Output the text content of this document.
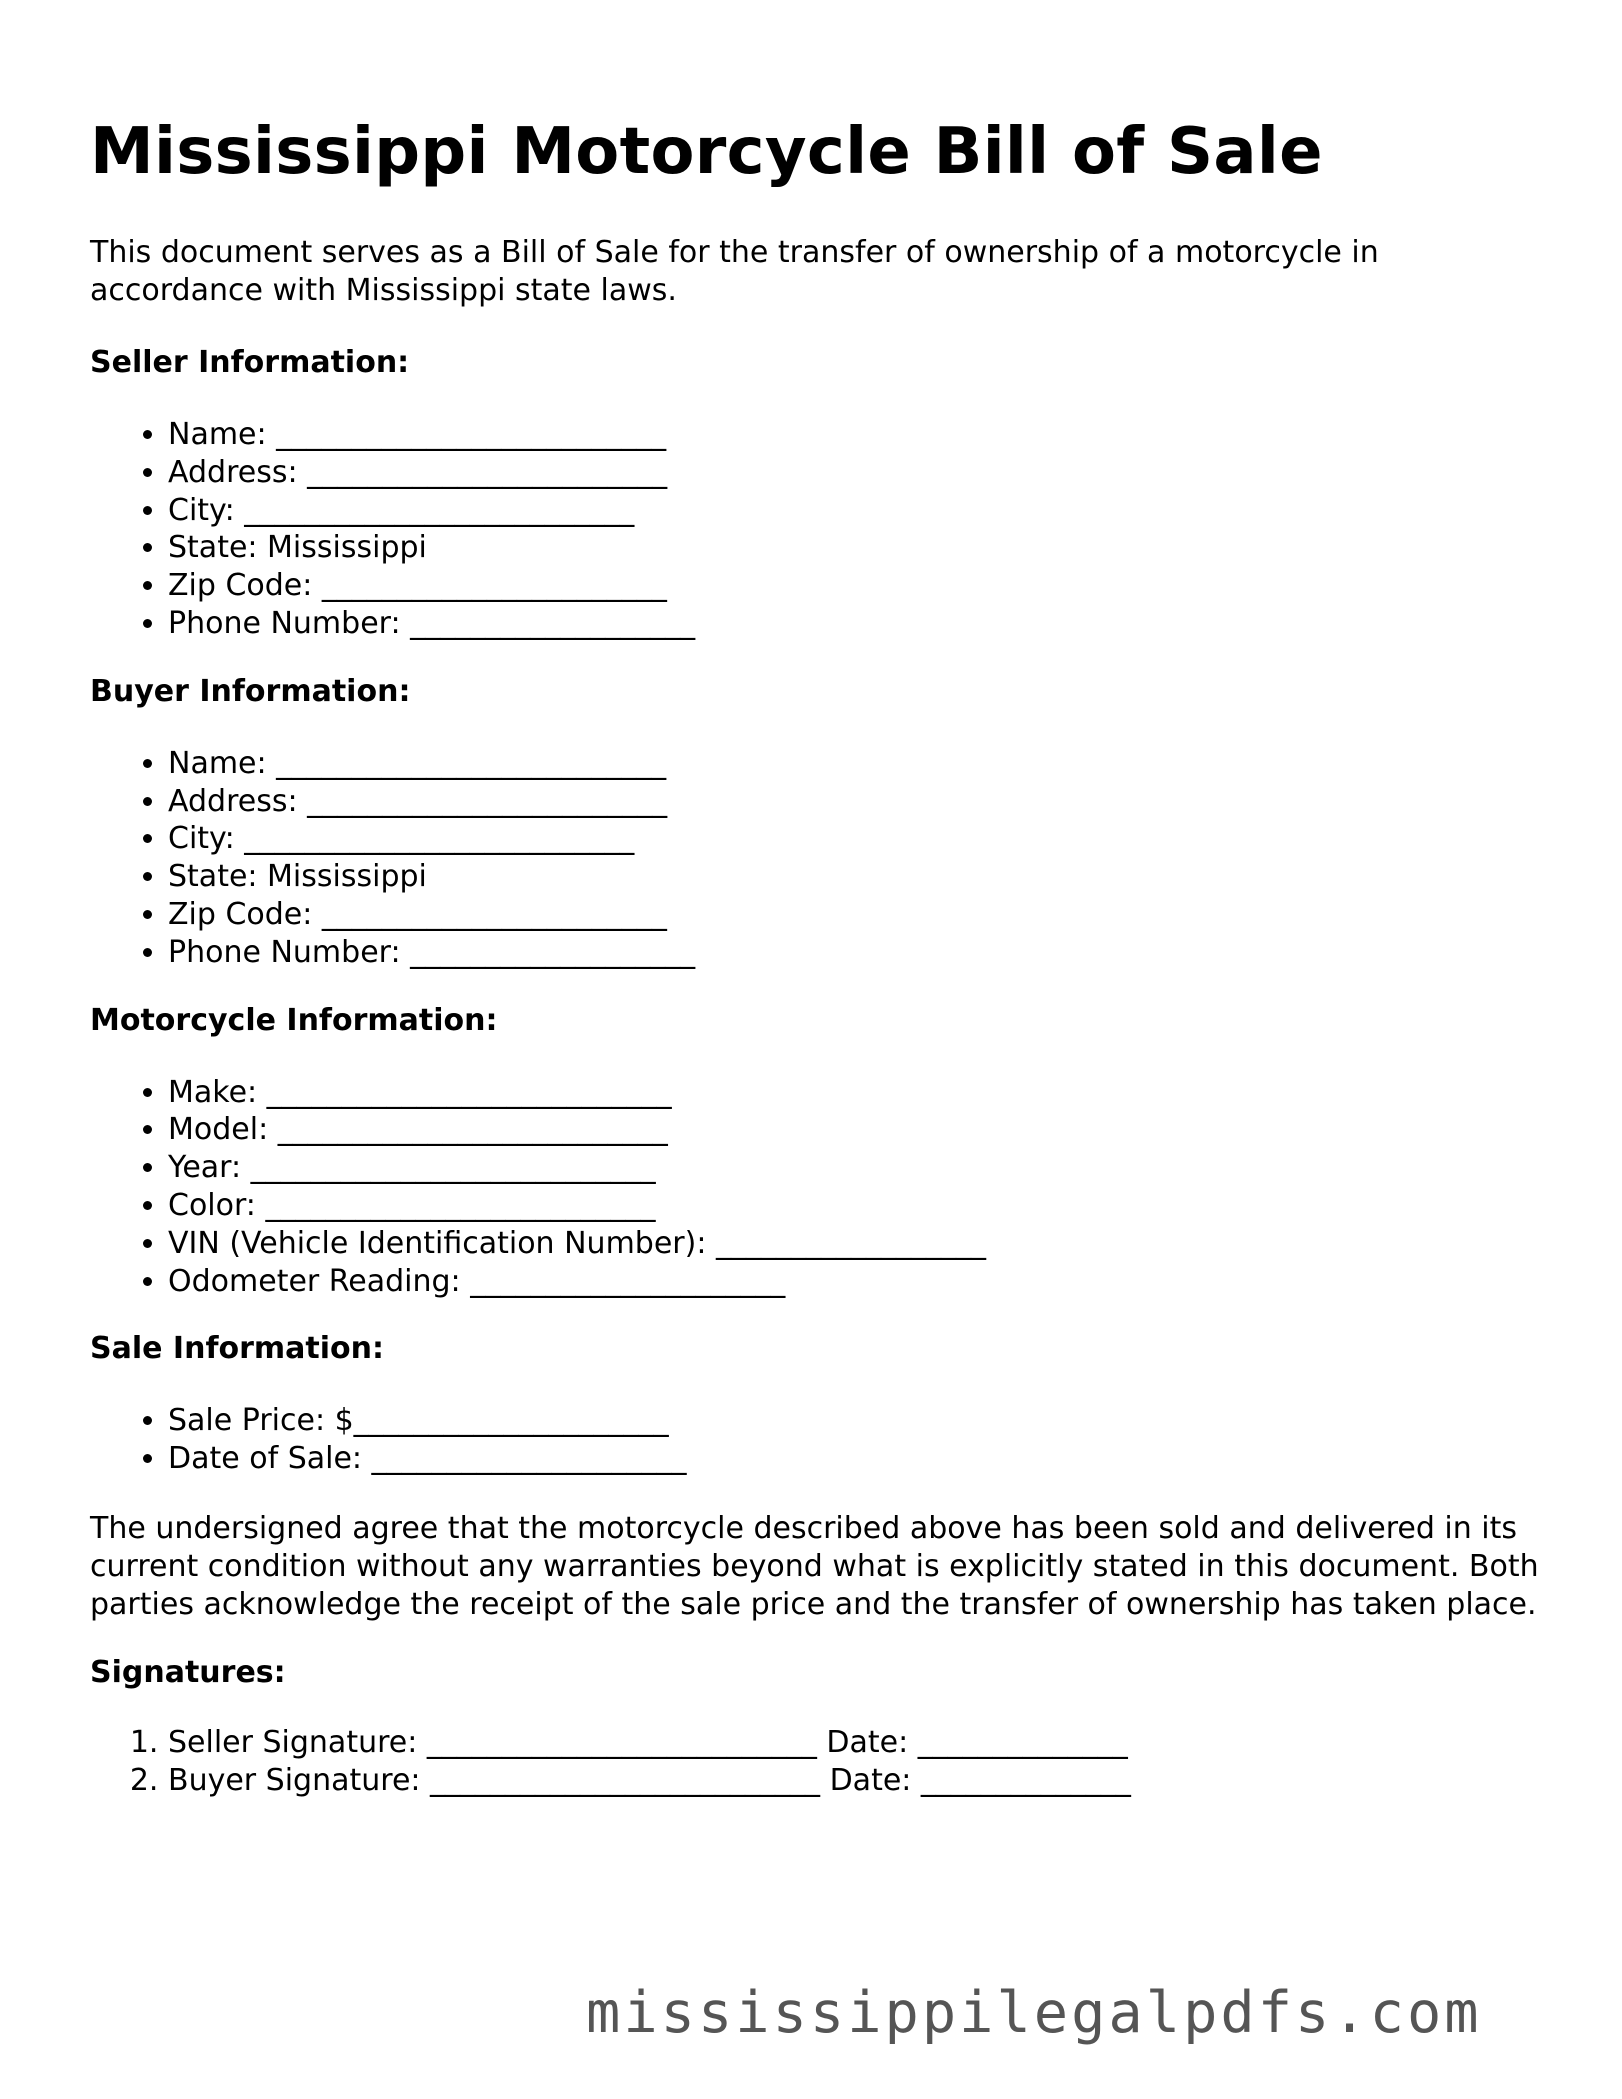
Mississippi Motorcycle Bill of Sale

This document serves as a Bill of Sale for the transfer of ownership of a motorcycle in accordance with Mississippi state laws.

Seller Information:
• Name: __________________________
• Address: ________________________
• City: __________________________
• State: Mississippi
• Zip Code: _______________________
• Phone Number: ___________________
Buyer Information:
• Name: __________________________
• Address: ________________________
• City: __________________________
• State: Mississippi
• Zip Code: _______________________
• Phone Number: ___________________
Motorcycle Information:
• Make: ___________________________
• Model: __________________________
• Year: ___________________________
• Color: __________________________
• VIN (Vehicle Identification Number): __________________
• Odometer Reading: _____________________
Sale Information:
• Sale Price: $_____________________
• Date of Sale: _____________________

The undersigned agree that the motorcycle described above has been sold and delivered in its current condition without any warranties beyond what is explicitly stated in this document. Both parties acknowledge the receipt of the sale price and the transfer of ownership has taken place.

Signatures:
1. Seller Signature: __________________________ Date: ______________
2. Buyer Signature: __________________________ Date: ______________
mississippilegalpdfs.com
